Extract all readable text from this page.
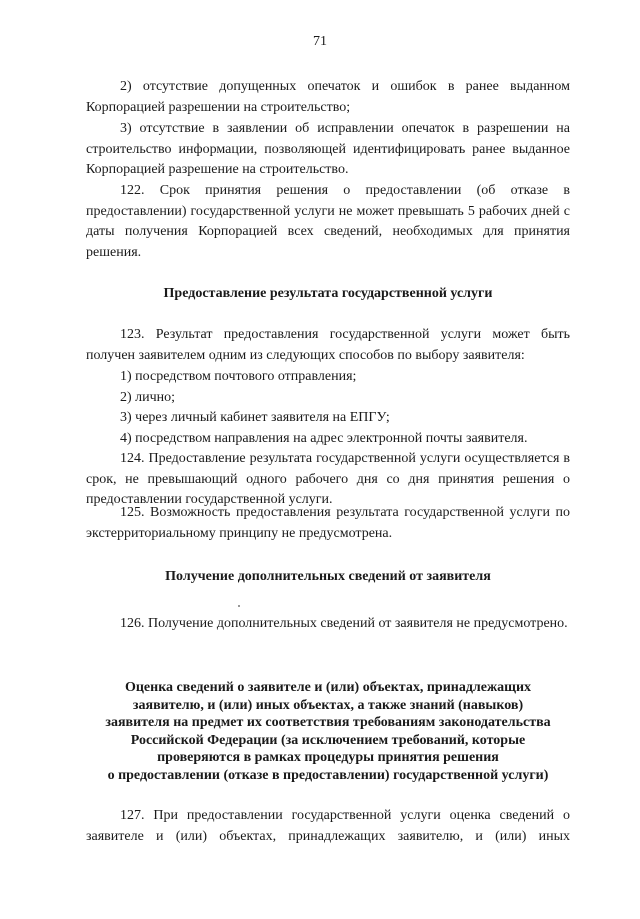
71
2) отсутствие допущенных опечаток и ошибок в ранее выданном Корпорацией разрешении на строительство;
3) отсутствие в заявлении об исправлении опечаток в разрешении на строительство информации, позволяющей идентифицировать ранее выданное Корпорацией разрешение на строительство.
122. Срок принятия решения о предоставлении (об отказе в предоставлении) государственной услуги не может превышать 5 рабочих дней с даты получения Корпорацией всех сведений, необходимых для принятия решения.
Предоставление результата государственной услуги
123. Результат предоставления государственной услуги может быть получен заявителем одним из следующих способов по выбору заявителя:
1) посредством почтового отправления;
2) лично;
3) через личный кабинет заявителя на ЕПГУ;
4) посредством направления на адрес электронной почты заявителя.
124. Предоставление результата государственной услуги осуществляется в срок, не превышающий одного рабочего дня со дня принятия решения о предоставлении государственной услуги.
125. Возможность предоставления результата государственной услуги по экстерриториальному принципу не предусмотрена.
Получение дополнительных сведений от заявителя
126. Получение дополнительных сведений от заявителя не предусмотрено.
Оценка сведений о заявителе и (или) объектах, принадлежащих
заявителю, и (или) иных объектах, а также знаний (навыков)
заявителя на предмет их соответствия требованиям законодательства
Российской Федерации (за исключением требований, которые
проверяются в рамках процедуры принятия решения
о предоставлении (отказе в предоставлении) государственной услуги)
127. При предоставлении государственной услуги оценка сведений о заявителе и (или) объектах, принадлежащих заявителю, и (или) иных
